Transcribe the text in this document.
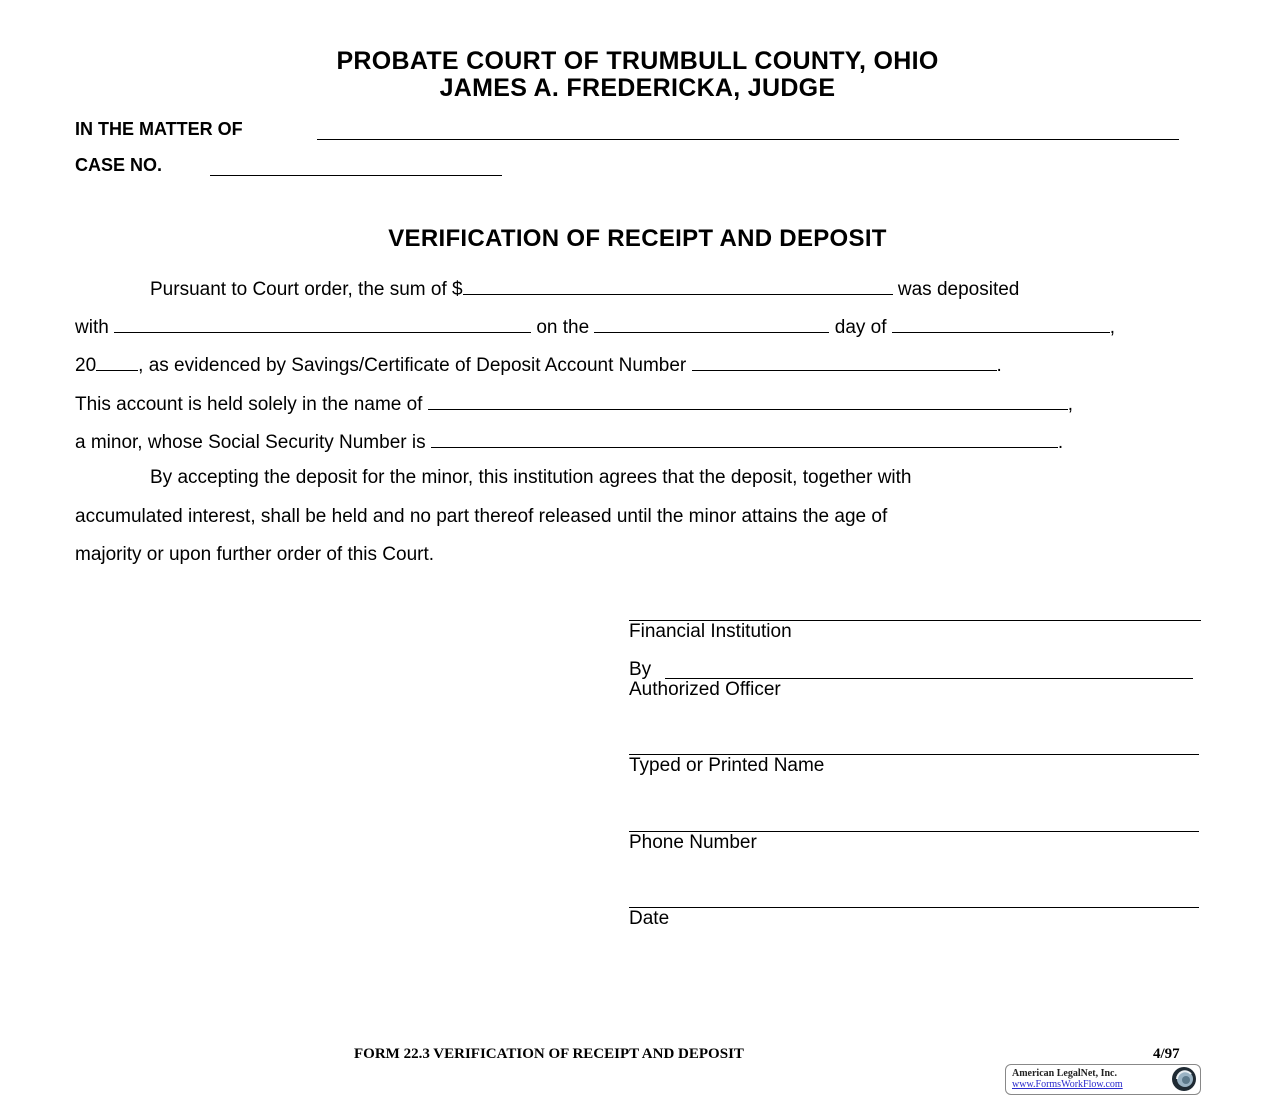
PROBATE COURT OF TRUMBULL COUNTY, OHIO
JAMES A. FREDERICKA, JUDGE
IN THE MATTER OF
CASE NO.
VERIFICATION OF RECEIPT AND DEPOSIT
Pursuant to Court order, the sum of $	was deposited
with	on the	day of	,
20 , as evidenced by Savings/Certificate of Deposit Account Number	.
This account is held solely in the name of	,
a minor, whose Social Security Number is	.
By accepting the deposit for the minor, this institution agrees that the deposit, together with
accumulated interest, shall be held and no part thereof released until the minor attains the age of
majority or upon further order of this Court.
Financial Institution
By
Authorized Officer
Typed or Printed Name
Phone Number
Date
FORM 22.3 VERIFICATION OF RECEIPT AND DEPOSIT	4/97
American LegalNet, Inc.
www.FormsWorkFlow.com
